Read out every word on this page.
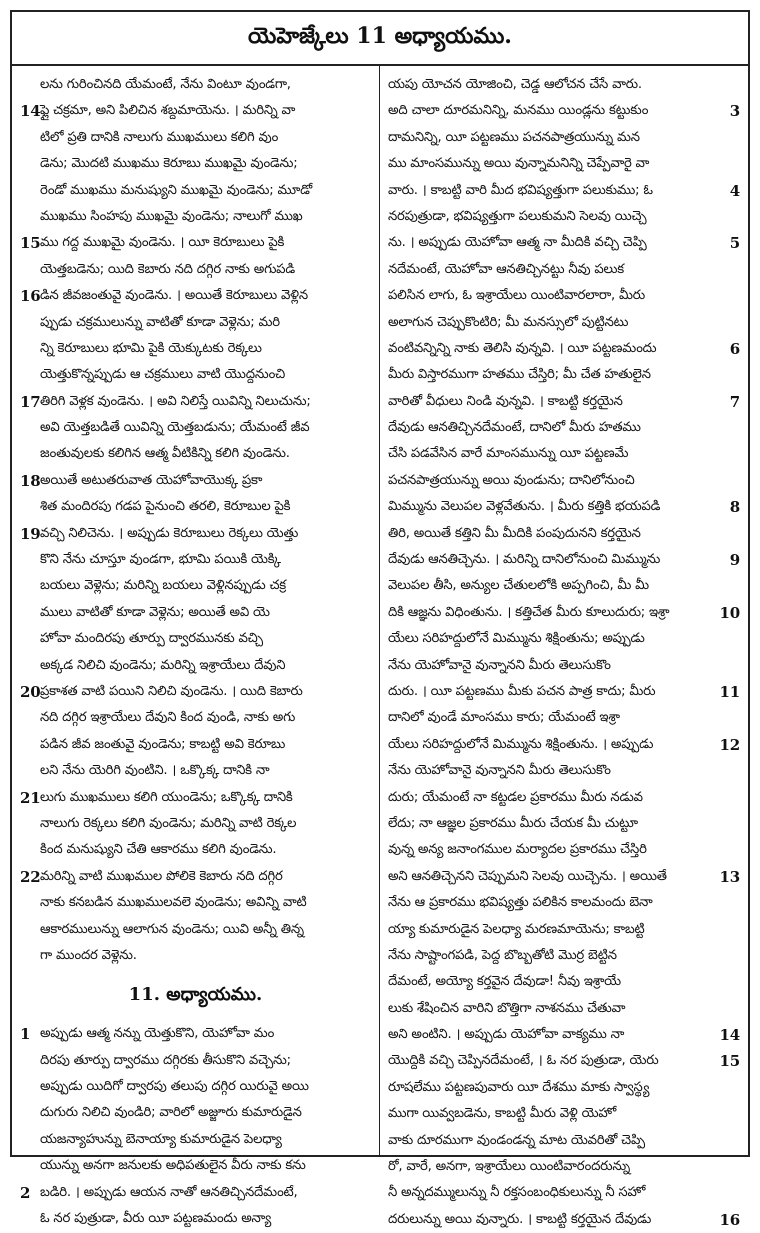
యెహెజ్కేలు 11 అధ్యాయము.
లను గురించినది యేమంటే, నేను వింటూ వుండగా,
14 ఫ్లై చక్రమా, అని పిలిచిన శబ్దమాయెను. । మరిన్ని వా
టిలో ప్రతి దానికి నాలుగు ముఖములు కలిగి వుం
డెను; మొదటి ముఖము కెరూబు ముఖమై వుండెను;
రెండో ముఖము మనుష్యుని ముఖమై వుండెను; మూడో
ముఖము సింహపు ముఖమై వుండెను; నాలుగో ముఖ
15 ము గద్ద ముఖమై వుండెను. । యీ కెరూబులు పైకి
యెత్తబడెను; యిది కెబారు నది దగ్గిర నాకు అగుపడి
16 డిన జీవజంతువై వుండెను. । అయితే కెరూబులు వెళ్లిన
ప్పుడు చక్రములున్ను వాటితో కూడా వెళ్లెను; మరి
న్ని కెరూబులు భూమి పైకి యెక్కుటకు రెక్కలు
యెత్తుకొన్నప్పుడు ఆ చక్రములు వాటి యొద్దనుంచి
17 తిరిగి వెళ్లక వుండెను. । అవి నిలిస్తే యివిన్ని నిలుచును;
అవి యెత్తబడితే యివిన్ని యెత్తబడును; యేమంటే జీవ
జంతువులకు కలిగిన ఆత్మ వీటికిన్ని కలిగి వుండెను.
18 అయితే అటుతరువాత యెహోవాయొక్క ప్రకా
శిత మందిరపు గడప పైనుంచి తరలి, కెరూబుల పైకి
19 వచ్చి నిలిచెను. । అప్పుడు కెరూబులు రెక్కలు యెత్తు
కొని నేను చూస్తూ వుండగా, భూమి పయికి యెక్కి
బయలు వెళ్లెను; మరిన్ని బయలు వెళ్లినప్పుడు చక్ర
ములు వాటితో కూడా వెళ్లెను; అయితే అవి యె
హోవా మందిరపు తూర్పు ద్వారమునకు వచ్చి
అక్కడ నిలిచి వుండెను; మరిన్ని ఇశ్రాయేలు దేవుని
20 ప్రకాశత వాటి పయిని నిలిచి వుండెను. । యిది కెబారు
నది దగ్గిర ఇశ్రాయేలు దేవుని కింద వుండి, నాకు అగు
పడిన జీవ జంతువై వుండెను; కాబట్టి అవి కెరూబు
లని నేను యెరిగి వుంటిని. । ఒక్కొక్క దానికి నా
21 లుగు ముఖములు కలిగి యుండెను; ఒక్కొక్క దానికి
నాలుగు రెక్కలు కలిగి వుండెను; మరిన్ని వాటి రెక్కల
కింద మనుష్యుని చేతి ఆకారము కలిగి వుండెను.
22 మరిన్ని వాటి ముఖముల పోలికె కెబారు నది దగ్గిర
నాకు కనబడిన ముఖములవలె వుండెను; అవిన్ని వాటి
ఆకారములున్ను ఆలాగున వుండెను; యివి అన్నీ తిన్న
గా ముందర వెళ్లెను.
11. అధ్యాయము.
1 అప్పుడు ఆత్మ నన్ను యెత్తుకొని, యెహోవా మం
దిరపు తూర్పు ద్వారము దగ్గిరకు తీసుకొని వచ్చెను;
అప్పుడు యిదిగో ద్వారపు తలుపు దగ్గిర యిరువై అయి
దుగురు నిలిచి వుండిరి; వారిలో అజ్జూరు కుమారుడైన
యజన్యాహున్ను బెనాయ్యా కుమారుడైన పెలధ్యా
యున్ను అనగా జనులకు అధిపతులైన వీరు నాకు కను
2 బడిరి. । అప్పుడు ఆయన నాతో ఆనతిచ్చినదేమంటే,
ఓ నర పుత్రుడా, వీరు యీ పట్టణమందు అన్యా
యపు యోచన యోజించి, చెడ్డ ఆలోచన చేసే వారు.
3
అది చాలా దూరమనిన్ని, మనము యిండ్లను కట్టుకుం
దామనిన్ని, యీ పట్టణము పచనపాత్రయున్ను మన
ము మాంసమున్ను అయి వున్నామనిన్ని చెప్పేవారై వా
4
వారు. । కాబట్టి వారి మీద భవిష్యత్తుగా పలుకుము; ఓ
నరపుత్రుడా, భవిష్యత్తుగా పలుకుమని సెలవు యిచ్చె
5
ను. । అప్పుడు యెహోవా ఆత్మ నా మీదికి వచ్చి చెప్పి
నదేమంటే, యెహోవా ఆనతిచ్చినట్టు నీవు పలుక
పలిసిన లాగు, ఓ ఇశ్రాయేలు యింటివారలారా, మీరు
అలాగున చెప్పుకొంటిరి; మీ మనస్సులో పుట్టినటు
6
వంటివన్నిన్ని నాకు తెలిసి వున్నవి. । యీ పట్టణమందు
మీరు విస్తారముగా హతము చేస్తిరి; మీ చేత హతులైన
7
వారితో వీధులు నిండి వున్నవి. । కాబట్టి కర్తయైన
దేవుడు ఆనతిచ్చినదేమంటే, దానిలో మీరు హతము
చేసి పడవేసిన వారే మాంసమున్ను యీ పట్టణమే
పచనపాత్రయున్ను అయి వుండును; దానిలోనుంచి
8
మిమ్మును వెలుపల వెళ్లవేతును. । మీరు కత్తికి భయపడి
తిరి, అయితే కత్తిని మీ మీదికి పంపుదునని కర్తయైన
9
దేవుడు ఆనతిచ్చెను. । మరిన్ని దానిలోనుంచి మిమ్మును
వెలుపల తీసి, అన్యుల చేతులలోకి అప్పగించి, మీ మీ
10
దికి ఆజ్ఞను విధింతును. । కత్తిచేత మీరు కూలుదురు; ఇశ్రా
యేలు సరిహద్దులోనే మిమ్మును శిక్షింతును; అప్పుడు
నేను యెహోవానై వున్నానని మీరు తెలుసుకొం
11
దురు. । యీ పట్టణము మీకు పచన పాత్ర కాదు; మీరు
దానిలో వుండే మాంసము కారు; యేమంటే ఇశ్రా
12
యేలు సరిహద్దులోనే మిమ్మును శిక్షింతును. । అప్పుడు
నేను యెహోవానై వున్నానని మీరు తెలుసుకొం
దురు; యేమంటే నా కట్టడల ప్రకారము మీరు నడువ
లేదు; నా ఆజ్ఞల ప్రకారము మీరు చేయక మీ చుట్టూ
వున్న అన్య జనాంగముల మర్యాదల ప్రకారము చేస్తిరి
13
అని ఆనతిచ్చెనని చెప్పుమని సెలవు యిచ్చెను. । అయితే
నేను ఆ ప్రకారము భవిష్యత్తు పలికిన కాలమందు బెనా
య్యా కుమారుడైన పెలధ్యా మరణమాయెను; కాబట్టి
నేను సాష్టాంగపడి, పెద్ద బొబ్బతోటి మొర్ర బెట్టిన
దేమంటే, అయ్యో కర్తవైన దేవుడా! నీవు ఇశ్రాయే
లుకు శేషించిన వారిని బొత్తిగా నాశనము చేతువా
14
అని అంటిని. । అప్పుడు యెహోవా వాక్యము నా
15
యొద్దికి వచ్చి చెప్పినదేమంటే, । ఓ నర పుత్రుడా, యెరు
రూషలేము పట్టణపువారు యీ దేశము మాకు స్వాస్థ్య
ముగా యివ్వబడెను, కాబట్టి మీరు వెళ్లి యెహో
వాకు దూరముగా వుండండన్న మాట యెవరితో చెప్పి
రో, వారే, అనగా, ఇశ్రాయేలు యింటివారందరున్ను
నీ అన్నదమ్ములున్ను నీ రక్తసంబంధికులున్ను నీ సహో
16
దరులున్ను అయి వున్నారు. । కాబట్టి కర్తయైన దేవుడు
